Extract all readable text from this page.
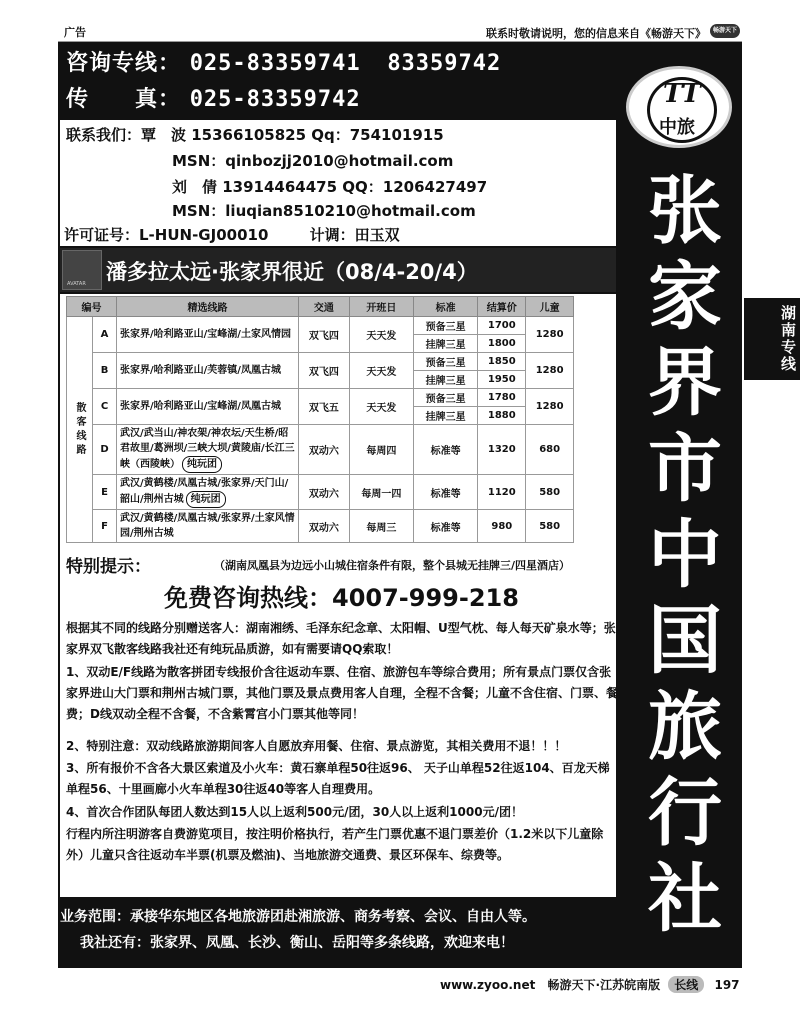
广告	联系时敬请说明，您的信息来自《畅游天下》	畅游天下
咨询专线： 025-83359741 83359742
传　　真： 025-83359742	TT
中旅
张
家
界
市
中
国
旅
行
社
湖南专线
联系我们：覃　波 15366105825 Qq：754101915
MSN：qinbozjj2010@hotmail.com
刘　倩 13914464475 QQ：1206427497
MSN：liuqian8510210@hotmail.com
许可证号：L-HUN-GJ00010	计调：田玉双
AVATAR 潘多拉太远·张家界很近（08/4-20/4）
编号		精选线路	交通	开班日	标准	结算价	儿童
散客线路	A	张家界/哈利路亚山/宝峰湖/土家风情园	双飞四	天天发	预备三星	1700	1280
					挂牌三星	1800	
	B	张家界/哈利路亚山/芙蓉镇/凤凰古城	双飞四	天天发	预备三星	1850	1280
					挂牌三星	1950	
	C	张家界/哈利路亚山/宝峰湖/凤凰古城	双飞五	天天发	预备三星	1780	1280
					挂牌三星	1880	
	D	武汉/武当山/神农架/神农坛/天生桥/昭君故里/葛洲坝/三峡大坝/黄陵庙/长江三峡（西陵峡） 纯玩团	双动六	每周四	标准等	1320	680

	E	武汉/黄鹤楼/凤凰古城/张家界/天门山/韶山/荆州古城 纯玩团	双动六	每周一四	标准等	1120	580

	F	武汉/黄鹤楼/凤凰古城/张家界/土家风情园/荆州古城	双动六	每周三	标准等	980	580

特别提示：	（湖南凤凰县为边远小山城住宿条件有限，整个县城无挂牌三/四星酒店）
免费咨询热线：4007-999-218
根据其不同的线路分别赠送客人：湖南湘绣、毛泽东纪念章、太阳帽、U型气枕、每人每天矿泉水等；张家界双飞散客线路我社还有纯玩品质游，如有需要请QQ索取！
1、双动E/F线路为散客拼团专线报价含往返动车票、住宿、旅游包车等综合费用；所有景点门票仅含张家界进山大门票和荆州古城门票，其他门票及景点费用客人自理，全程不含餐；儿童不含住宿、门票、餐费；D线双动全程不含餐，不含紫霄宫小门票其他等同！
2、特别注意：双动线路旅游期间客人自愿放弃用餐、住宿、景点游览，其相关费用不退！！！
3、所有报价不含各大景区索道及小火车：黄石寨单程50往返96、 天子山单程52往返104、百龙天梯单程56、十里画廊小火车单程30往返40等客人自理费用。
4、首次合作团队每团人数达到15人以上返利500元/团，30人以上返利1000元/团！
行程内所注明游客自费游览项目，按注明价格执行，若产生门票优惠不退门票差价（1.2米以下儿童除外）儿童只含往返动车半票(机票及燃油)、当地旅游交通费、景区环保车、综费等。
业务范围：承接华东地区各地旅游团赴湘旅游、商务考察、会议、自由人等。
我社还有：张家界、凤凰、长沙、衡山、岳阳等多条线路，欢迎来电！
www.zyoo.net 畅游天下·江苏皖南版 长线 197
